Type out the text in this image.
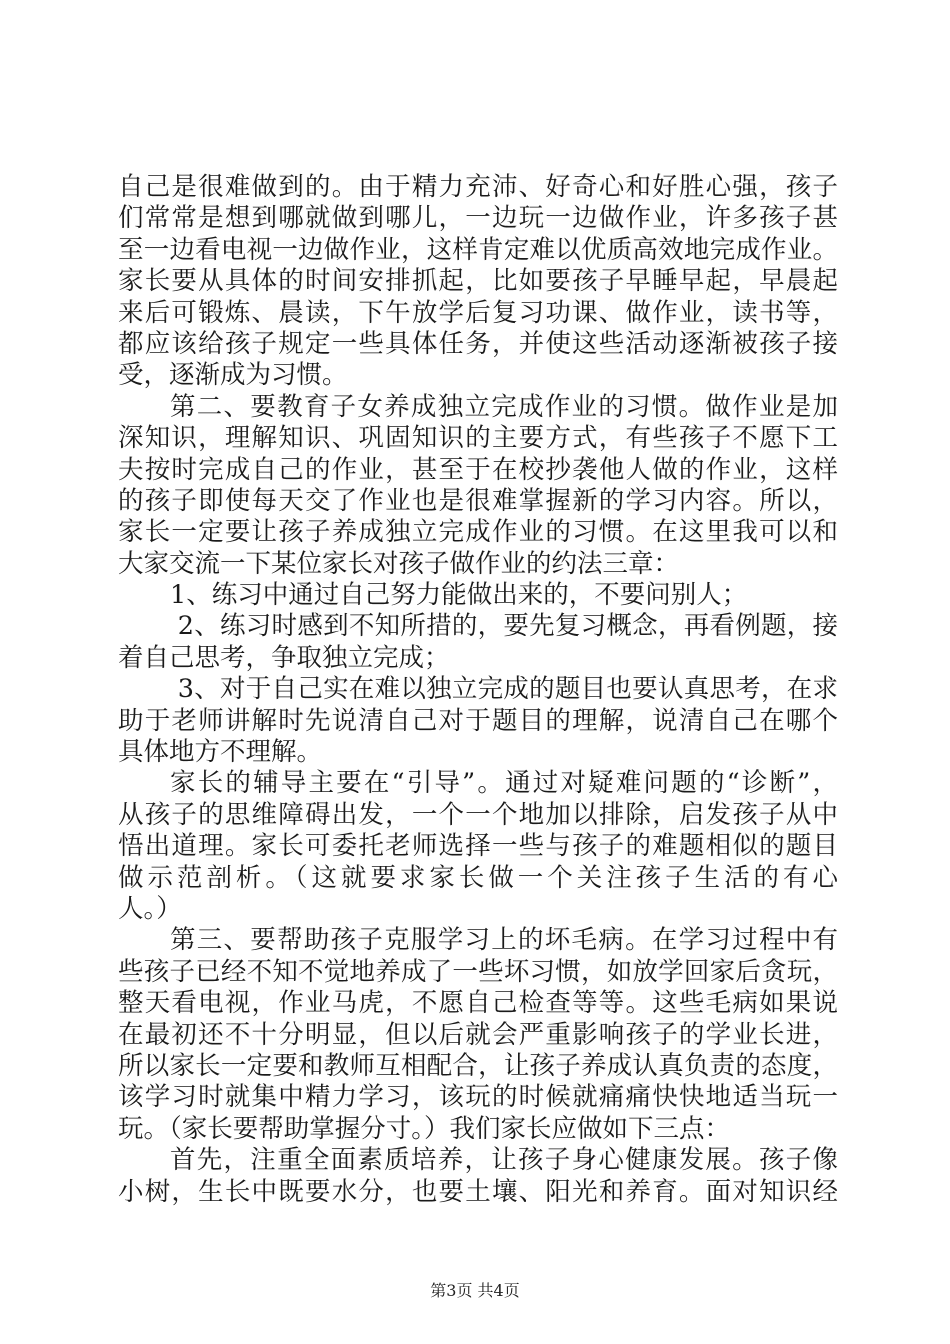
自己是很难做到的。由于精力充沛、好奇心和好胜心强，孩子
们常常是想到哪就做到哪儿，一边玩一边做作业，许多孩子甚
至一边看电视一边做作业，这样肯定难以优质高效地完成作业。
家长要从具体的时间安排抓起，比如要孩子早睡早起，早晨起
来后可锻炼、晨读，下午放学后复习功课、做作业，读书等，
都应该给孩子规定一些具体任务，并使这些活动逐渐被孩子接
受，逐渐成为习惯。
第二、要教育子女养成独立完成作业的习惯。做作业是加
深知识，理解知识、巩固知识的主要方式，有些孩子不愿下工
夫按时完成自己的作业，甚至于在校抄袭他人做的作业，这样
的孩子即使每天交了作业也是很难掌握新的学习内容。所以，
家长一定要让孩子养成独立完成作业的习惯。在这里我可以和
大家交流一下某位家长对孩子做作业的约法三章：
1、练习中通过自己努力能做出来的，不要问别人；
2、练习时感到不知所措的，要先复习概念，再看例题，接
着自己思考，争取独立完成；
3、对于自己实在难以独立完成的题目也要认真思考，在求
助于老师讲解时先说清自己对于题目的理解，说清自己在哪个
具体地方不理解。
家长的辅导主要在“引导”。通过对疑难问题的“诊断”，
从孩子的思维障碍出发，一个一个地加以排除，启发孩子从中
悟出道理。家长可委托老师选择一些与孩子的难题相似的题目
做示范剖析。（这就要求家长做一个关注孩子生活的有心
人。）
第三、要帮助孩子克服学习上的坏毛病。在学习过程中有
些孩子已经不知不觉地养成了一些坏习惯，如放学回家后贪玩，
整天看电视，作业马虎，不愿自己检查等等。这些毛病如果说
在最初还不十分明显，但以后就会严重影响孩子的学业长进，
所以家长一定要和教师互相配合，让孩子养成认真负责的态度，
该学习时就集中精力学习，该玩的时候就痛痛快快地适当玩一
玩。（家长要帮助掌握分寸。）我们家长应做如下三点：
首先，注重全面素质培养，让孩子身心健康发展。孩子像
小树，生长中既要水分，也要土壤、阳光和养育。面对知识经
第3页 共4页
